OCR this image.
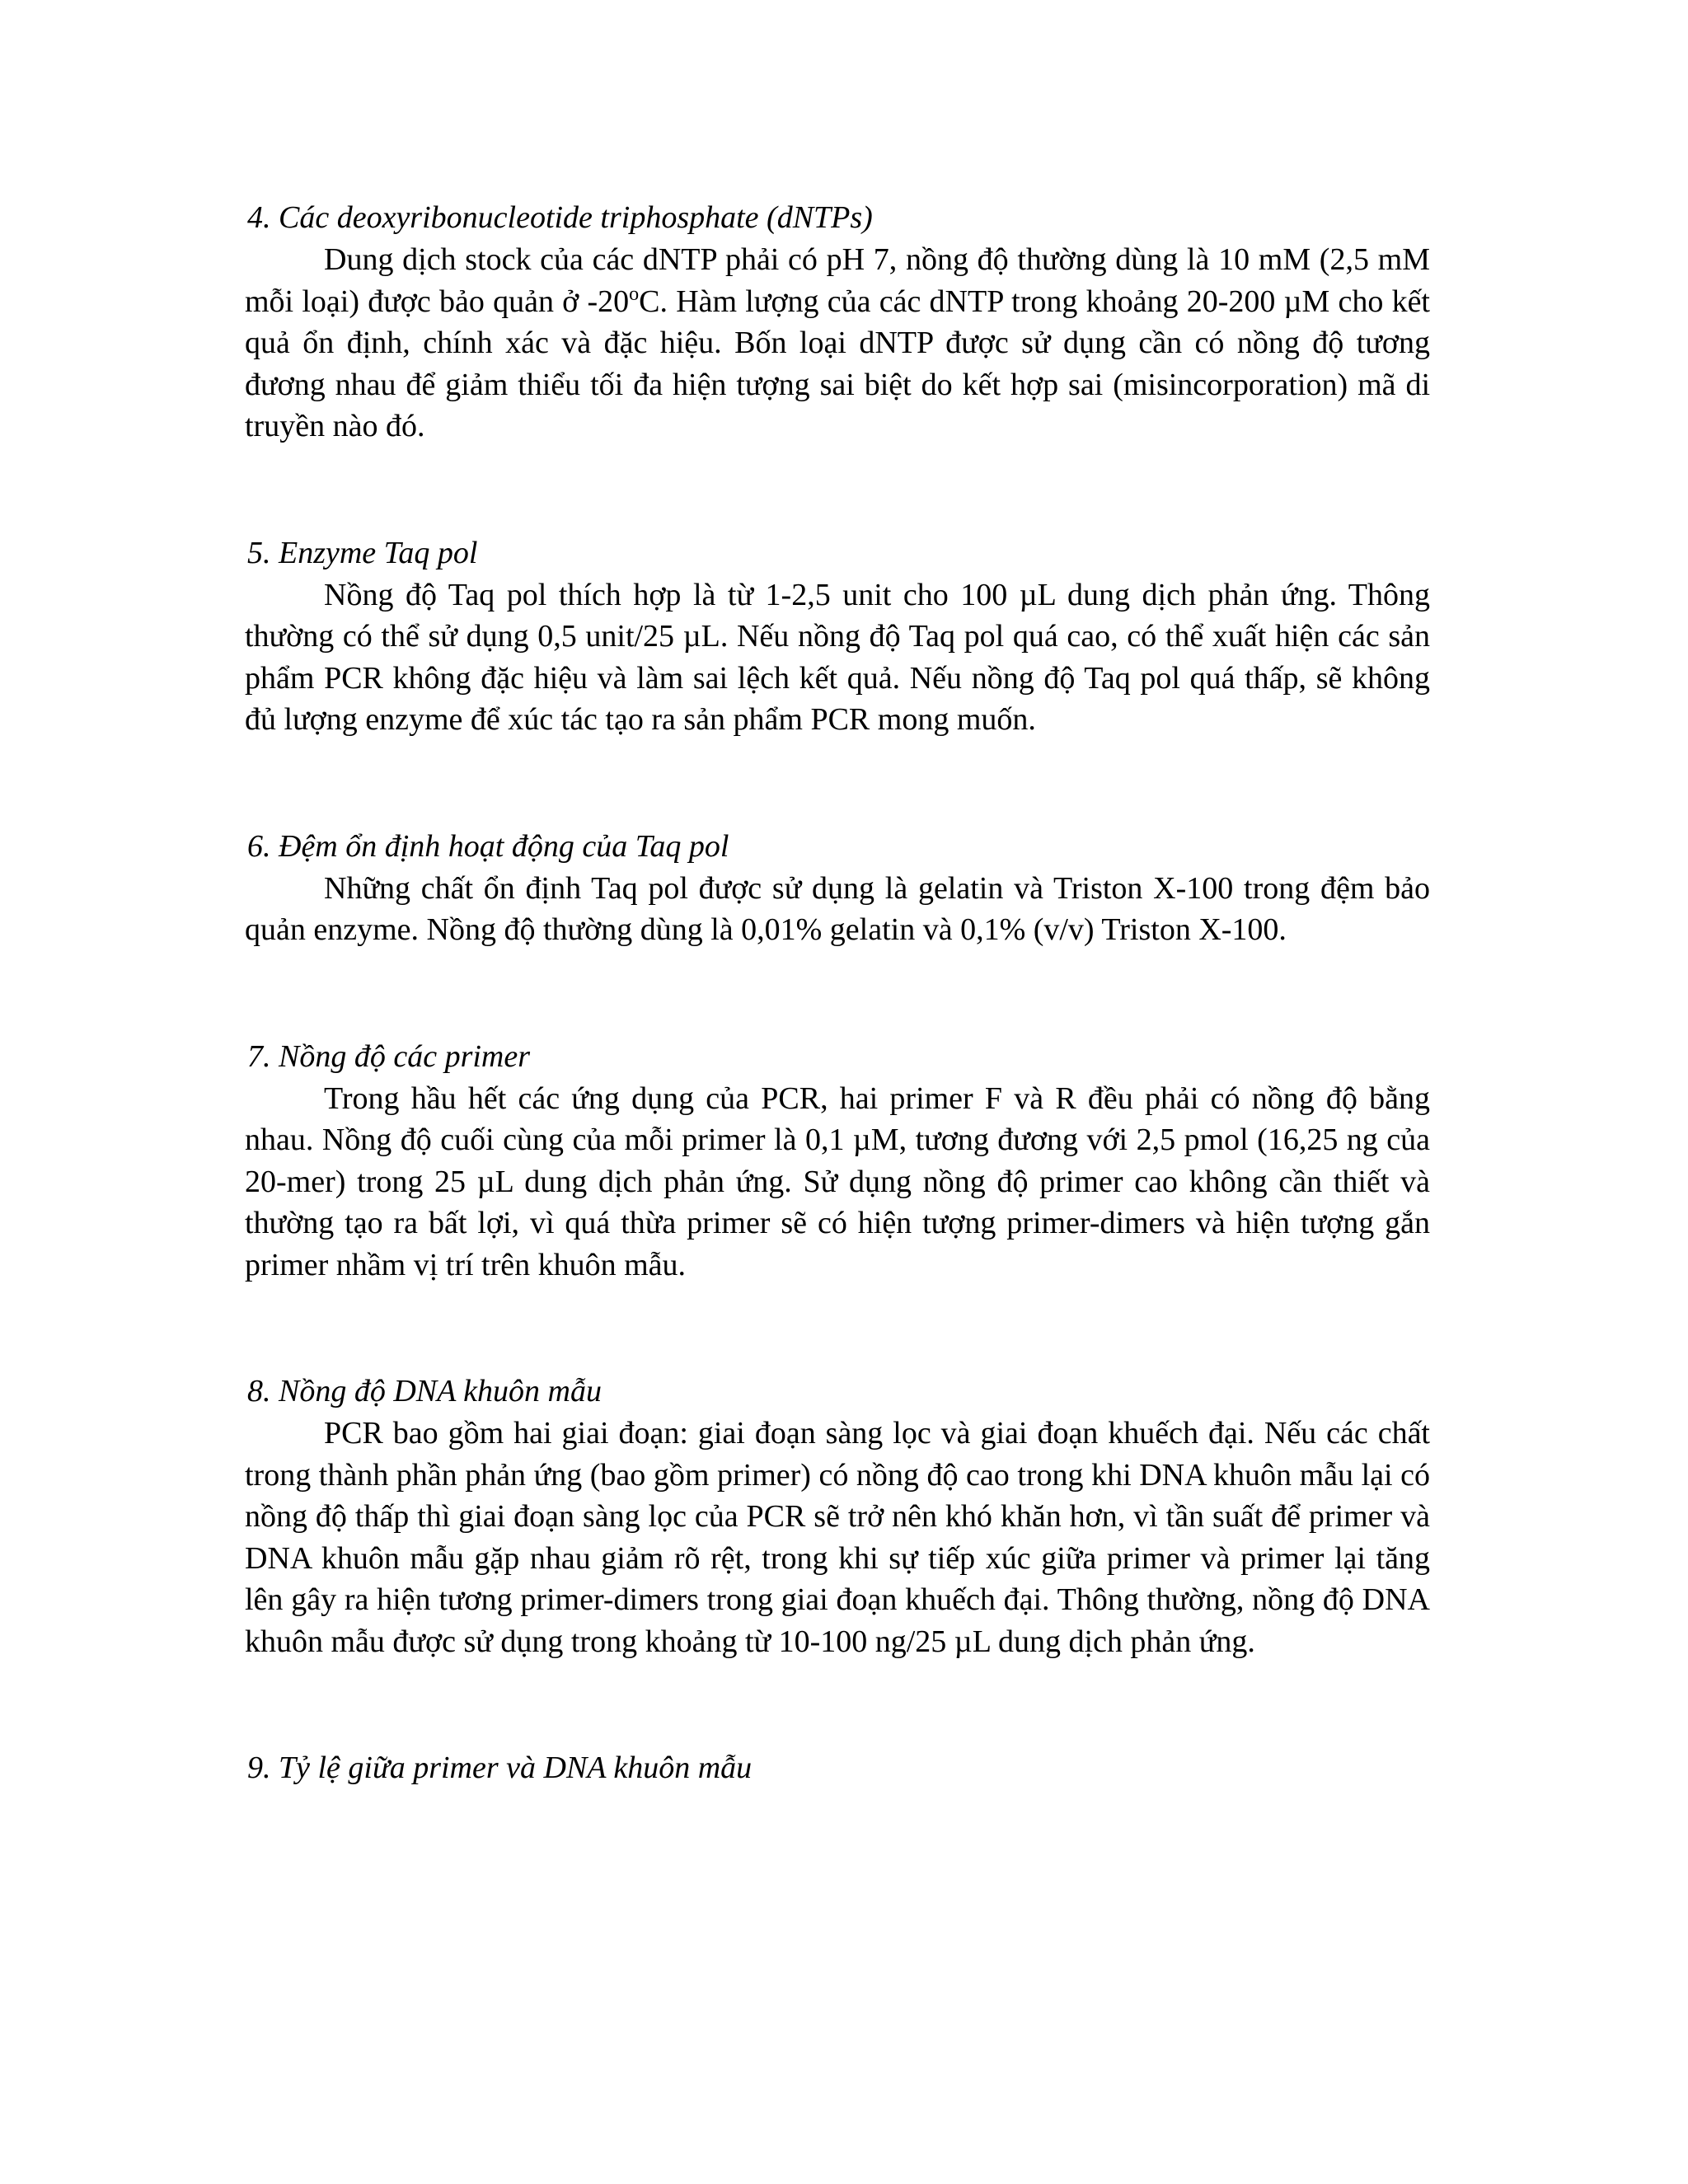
4. Các deoxyribonucleotide triphosphate (dNTPs)

Dung dịch stock của các dNTP phải có pH 7, nồng độ thường dùng là 10 mM (2,5 mM mỗi loại) được bảo quản ở -20$^o$C. Hàm lượng của các dNTP trong khoảng 20-200 µM cho kết quả ổn định, chính xác và đặc hiệu. Bốn loại dNTP được sử dụng cần có nồng độ tương đương nhau để giảm thiểu tối đa hiện tượng sai biệt do kết hợp sai (misincorporation) mã di truyền nào đó.

5. Enzyme Taq pol

Nồng độ Taq pol thích hợp là từ 1-2,5 unit cho 100 µL dung dịch phản ứng. Thông thường có thể sử dụng 0,5 unit/25 µL. Nếu nồng độ Taq pol quá cao, có thể xuất hiện các sản phẩm PCR không đặc hiệu và làm sai lệch kết quả. Nếu nồng độ Taq pol quá thấp, sẽ không đủ lượng enzyme để xúc tác tạo ra sản phẩm PCR mong muốn.

6. Đệm ổn định hoạt động của Taq pol

Những chất ổn định Taq pol được sử dụng là gelatin và Triston X-100 trong đệm bảo quản enzyme. Nồng độ thường dùng là 0,01% gelatin và 0,1% (v/v) Triston X-100.

7. Nồng độ các primer

Trong hầu hết các ứng dụng của PCR, hai primer F và R đều phải có nồng độ bằng nhau. Nồng độ cuối cùng của mỗi primer là 0,1 µM, tương đương với 2,5 pmol (16,25 ng của 20-mer) trong 25 µL dung dịch phản ứng. Sử dụng nồng độ primer cao không cần thiết và thường tạo ra bất lợi, vì quá thừa primer sẽ có hiện tượng primer-dimers và hiện tượng gắn primer nhầm vị trí trên khuôn mẫu.

8. Nồng độ DNA khuôn mẫu

PCR bao gồm hai giai đoạn: giai đoạn sàng lọc và giai đoạn khuếch đại. Nếu các chất trong thành phần phản ứng (bao gồm primer) có nồng độ cao trong khi DNA khuôn mẫu lại có nồng độ thấp thì giai đoạn sàng lọc của PCR sẽ trở nên khó khăn hơn, vì tần suất để primer và DNA khuôn mẫu gặp nhau giảm rõ rệt, trong khi sự tiếp xúc giữa primer và primer lại tăng lên gây ra hiện tương primer-dimers trong giai đoạn khuếch đại. Thông thường, nồng độ DNA khuôn mẫu được sử dụng trong khoảng từ 10-100 ng/25 µL dung dịch phản ứng.

9. Tỷ lệ giữa primer và DNA khuôn mẫu
